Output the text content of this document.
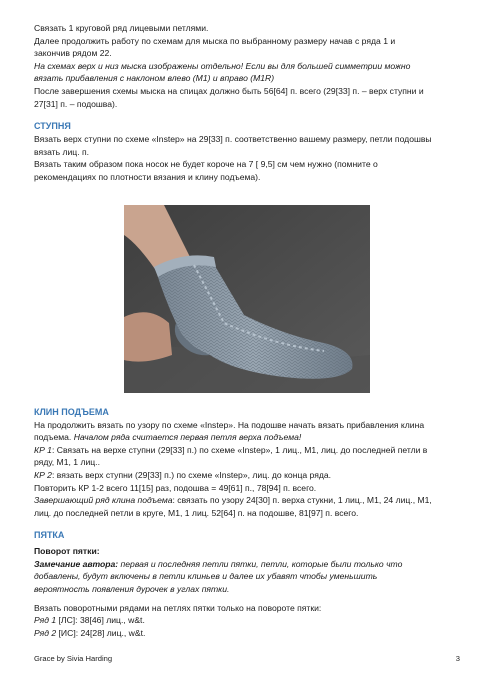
Связать 1 круговой ряд лицевыми петлями.
Далее продолжить работу по схемам для мыска по выбранному размеру начав с ряда 1 и
закончив рядом 22.
На схемах верх и низ мыска изображены отдельно! Если вы для большей симметрии можно
вязать прибавления с наклоном влево (М1) и вправо (M1R)
После завершения схемы мыска на спицах должно быть 56[64] п. всего (29[33] п. – верх ступни и
27[31] п. – подошва).
СТУПНЯ
Вязать верх ступни по схеме «Instep» на 29[33] п. соответственно вашему размеру, петли подошвы
вязать лиц. п.
Вязать таким образом пока носок не будет короче на 7 [ 9,5] см чем нужно (помните о
рекомендациях по плотности вязания и клину подъема).
КЛИН ПОДЪЕМА
На продолжить вязать по узору по схеме «Instep». На подошве начать вязать прибавления клина
подъема. Началом ряда считается первая петля верха подъема!
КР 1: Связать на верхе ступни (29[33] п.) по схеме «Instep», 1 лиц., М1, лиц. до последней петли в
ряду, М1, 1 лиц..
КР 2: вязать верх ступни (29[33] п.) по схеме «Instep», лиц. до конца ряда.
Повторить КР 1-2 всего 11[15] раз, подошва = 49[61] п., 78[94] п. всего.
Завершающий ряд клина подъема: связать по узору 24[30] п. верха стукни, 1 лиц., М1, 24 лиц., М1,
лиц. до последней петли в круге, М1, 1 лиц. 52[64] п. на подошве, 81[97] п. всего.
ПЯТКА
Поворот пятки:
Замечание автора: первая и последняя петли пятки, петли, которые были только что
добавлены, будут включены в петли клиньев и далее их убавят чтобы уменьшить
вероятность появления дурочек в углах пятки.
Вязать поворотными рядами на петлях пятки только на повороте пятки:
Ряд 1 [ЛС]: 38[46] лиц., w&t.
Ряд 2 [ИС]: 24[28] лиц., w&t.
Grace by Sivia Harding	3
